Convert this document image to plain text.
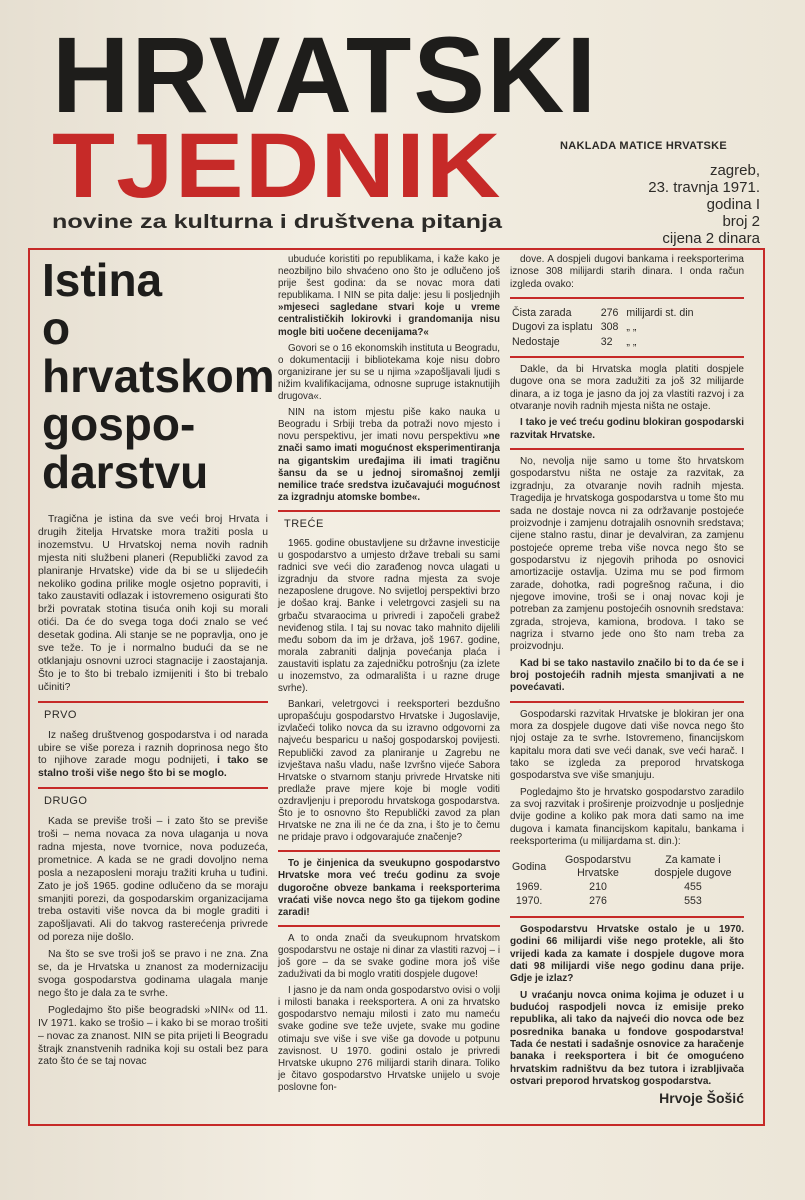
HRVATSKI
TJEDNIK
novine za kulturna i društvena pitanja
NAKLADA MATICE HRVATSKE
zagreb,
23. travnja 1971.
godina I
broj 2
cijena 2 dinara
Istina
o
hrvatskom
gospo-
darstvu

Tragična je istina da sve veći broj Hrvata i drugih žitelja Hrvatske mora tražiti posla u inozemstvu. U Hrvatskoj nema novih radnih mjesta niti službeni planeri (Republički zavod za planiranje Hrvatske) vide da bi se u slijedećih nekoliko godina prilike mogle osjetno popraviti, i tako zaustaviti odlazak i istovremeno osigurati što brži povratak stotina tisuća onih koji su morali otići. Da će do svega toga doći znalo se već desetak godina. Ali stanje se ne popravlja, ono je sve teže. To je i normalno budući da se ne otklanjaju osnovni uzroci stagnacije i zaostajanja. Što je to što bi trebalo izmijeniti i što bi trebalo učiniti?

PRVO

Iz našeg društvenog gospodarstva i od narada ubire se više poreza i raznih doprinosa nego što to njihove zarade mogu podnijeti, i tako se stalno troši više nego što bi se moglo.

DRUGO

Kada se previše troši – i zato što se previše troši – nema novaca za nova ulaganja u nova radna mjesta, nove tvornice, nova poduzeća, prometnice. A kada se ne gradi dovoljno nema posla a nezaposleni moraju tražiti kruha u tuđini. Zato je još 1965. godine odlučeno da se moraju smanjiti porezi, da gospodarskim organizacijama treba ostaviti više novca da bi mogle graditi i zapošljavati. Ali do takvog rasterećenja privrede od poreza nije došlo.

Na što se sve troši još se pravo i ne zna. Zna se, da je Hrvatska u znanost za modernizaciju svoga gospodarstva godinama ulagala manje nego što je dala za te svrhe.

Pogledajmo što piše beogradski »NIN« od 11. IV 1971. kako se trošio – i kako bi se morao trošiti – novac za znanost. NIN se pita prijeti li Beogradu štrajk znanstvenih radnika koji su ostali bez para zato što će se taj novac

ubuduće koristiti po republikama, i kaže kako je neozbiljno bilo shvaćeno ono što je odlučeno još prije šest godina: da se novac mora dati republikama. I NIN se pita dalje: jesu li posljednjih »mjeseci sagledane stvari koje u vreme centralističkih lokirovki i grandomanija nisu mogle biti uočene decenijama?«

Govori se o 16 ekonomskih instituta u Beogradu, o dokumentaciji i bibliotekama koje nisu dobro organizirane jer su se u njima »zapošljavali ljudi s nižim kvalifikacijama, odnosne supruge istaknutijih drugova«.

NIN na istom mjestu piše kako nauka u Beogradu i Srbiji treba da potraži novo mjesto i novu perspektivu, jer imati novu perspektivu »ne znači samo imati mogućnost eksperimentiranja na gigantskim uređajima ili imati tragičnu šansu da se u jednoj siromašnoj zemlji nemilice traće sredstva izučavajući mogućnost za izgradnju atomske bombe«.

TREĆE

1965. godine obustavljene su državne investicije u gospodarstvo a umjesto države trebali su sami radnici sve veći dio zarađenog novca ulagati u izgradnju da stvore radna mjesta za svoje nezaposlene drugove. No svijetloj perspektivi brzo je došao kraj. Banke i veletrgovci zasjeli su na grbaču stvaraocima u privredi i započeli grabež neviđenog stila. I taj su novac tako mahnito dijelili među sobom da im je država, još 1967. godine, morala zabraniti daljnja povećanja plaća i zaustaviti isplatu za zajedničku potrošnju (za izlete u inozemstvo, za odmarališta i u razne druge svrhe).

Bankari, veletrgovci i reeksporteri bezdušno upropašćuju gospodarstvo Hrvatske i Jugoslavije, izvlačeći toliko novca da su izravno odgovorni za najveću besparicu u našoj gospodarskoj povijesti. Republički zavod za planiranje u Zagrebu ne izvještava našu vladu, naše Izvršno vijeće Sabora Hrvatske o stvarnom stanju privrede Hrvatske niti predlaže prave mjere koje bi mogle voditi ozdravljenju i preporodu hrvatskoga gospodarstva. Što je to osnovno što Republički zavod za plan Hrvatske ne zna ili ne će da zna, i što je to čemu ne pridaje pravo i odgovarajuće značenje?

To je činjenica da sveukupno gospodarstvo Hrvatske mora već treću godinu za svoje dugoročne obveze bankama i reeksporterima vraćati više novca nego što ga tijekom godine zaradi!

A to onda znači da sveukupnom hrvatskom gospodarstvu ne ostaje ni dinar za vlastiti razvoj – i još gore – da se svake godine mora još više zaduživati da bi moglo vratiti dospjele dugove!

I jasno je da nam onda gospodarstvo ovisi o volji i milosti banaka i reeksportera. A oni za hrvatsko gospodarstvo nemaju milosti i zato mu nameću svake godine sve teže uvjete, svake mu godine otimaju sve više i sve više ga dovode u potpunu zavisnost. U 1970. godini ostalo je privredi Hrvatske ukupno 276 milijardi starih dinara. Toliko je čitavo gospodarstvo Hrvatske unijelo u svoje poslovne fon-

dove. A dospjeli dugovi bankama i reeksporterima iznose 308 milijardi starih dinara. I onda račun izgleda ovako:

Čista zarada	276	milijardi st. din
Dugovi za isplatu	308	„ „
Nedostaje	32	„ „

Dakle, da bi Hrvatska mogla platiti dospjele dugove ona se mora zadužiti za još 32 milijarde dinara, a iz toga je jasno da joj za vlastiti razvoj i za otvaranje novih radnih mjesta ništa ne ostaje.

I tako je već treću godinu blokiran gospodarski razvitak Hrvatske.

No, nevolja nije samo u tome što hrvatskom gospodarstvu ništa ne ostaje za razvitak, za izgradnju, za otvaranje novih radnih mjesta. Tragedija je hrvatskoga gospodarstva u tome što mu sada ne dostaje novca ni za održavanje postojeće proizvodnje i zamjenu dotrajalih osnovnih sredstava; cijene stalno rastu, dinar je devalviran, za zamjenu postojeće opreme treba više novca nego što se gospodarstvu iz njegovih prihoda po osnovici amortizacije ostavlja. Uzima mu se pod firmom zarade, dohotka, radi pogrešnog računa, i dio njegove imovine, troši se i onaj novac koji je potreban za zamjenu postojećih osnovnih sredstava: zgrada, strojeva, kamiona, brodova. I tako se nagriza i stvarno jede ono što nam treba za proizvodnju.

Kad bi se tako nastavilo značilo bi to da će se i broj postojećih radnih mjesta smanjivati a ne povećavati.

Gospodarski razvitak Hrvatske je blokiran jer ona mora za dospjele dugove dati više novca nego što njoj ostaje za te svrhe. Istovremeno, financijskom kapitalu mora dati sve veći danak, sve veći harač. I tako se izgleda za preporod hrvatskoga gospodarstva sve više smanjuju.

Pogledajmo što je hrvatsko gospodarstvo zaradilo za svoj razvitak i proširenje proizvodnje u posljednje dvije godine a koliko pak mora dati samo na ime dugova i kamata financijskom kapitalu, bankama i reeksporterima (u milijardama st. din.):

Godina	Gospodarstvu Hrvatske	Za kamate i dospjele dugove
1969.	210	455
1970.	276	553

Gospodarstvu Hrvatske ostalo je u 1970. godini 66 milijardi više nego protekle, ali što vrijedi kada za kamate i dospjele dugove mora dati 98 milijardi više nego godinu dana prije. Gdje je izlaz?

U vraćanju novca onima kojima je oduzet i u budućoj raspodjeli novca iz emisije preko republika, ali tako da najveći dio novca ode bez posrednika banaka u fondove gospodarstva! Tada će nestati i sadašnje osnovice za haračenje banaka i reeksportera i bit će omogućeno hrvatskim radništvu da bez tutora i izrabljivača ostvari preporod hrvatskog gospodarstva.

Hrvoje Šošić
